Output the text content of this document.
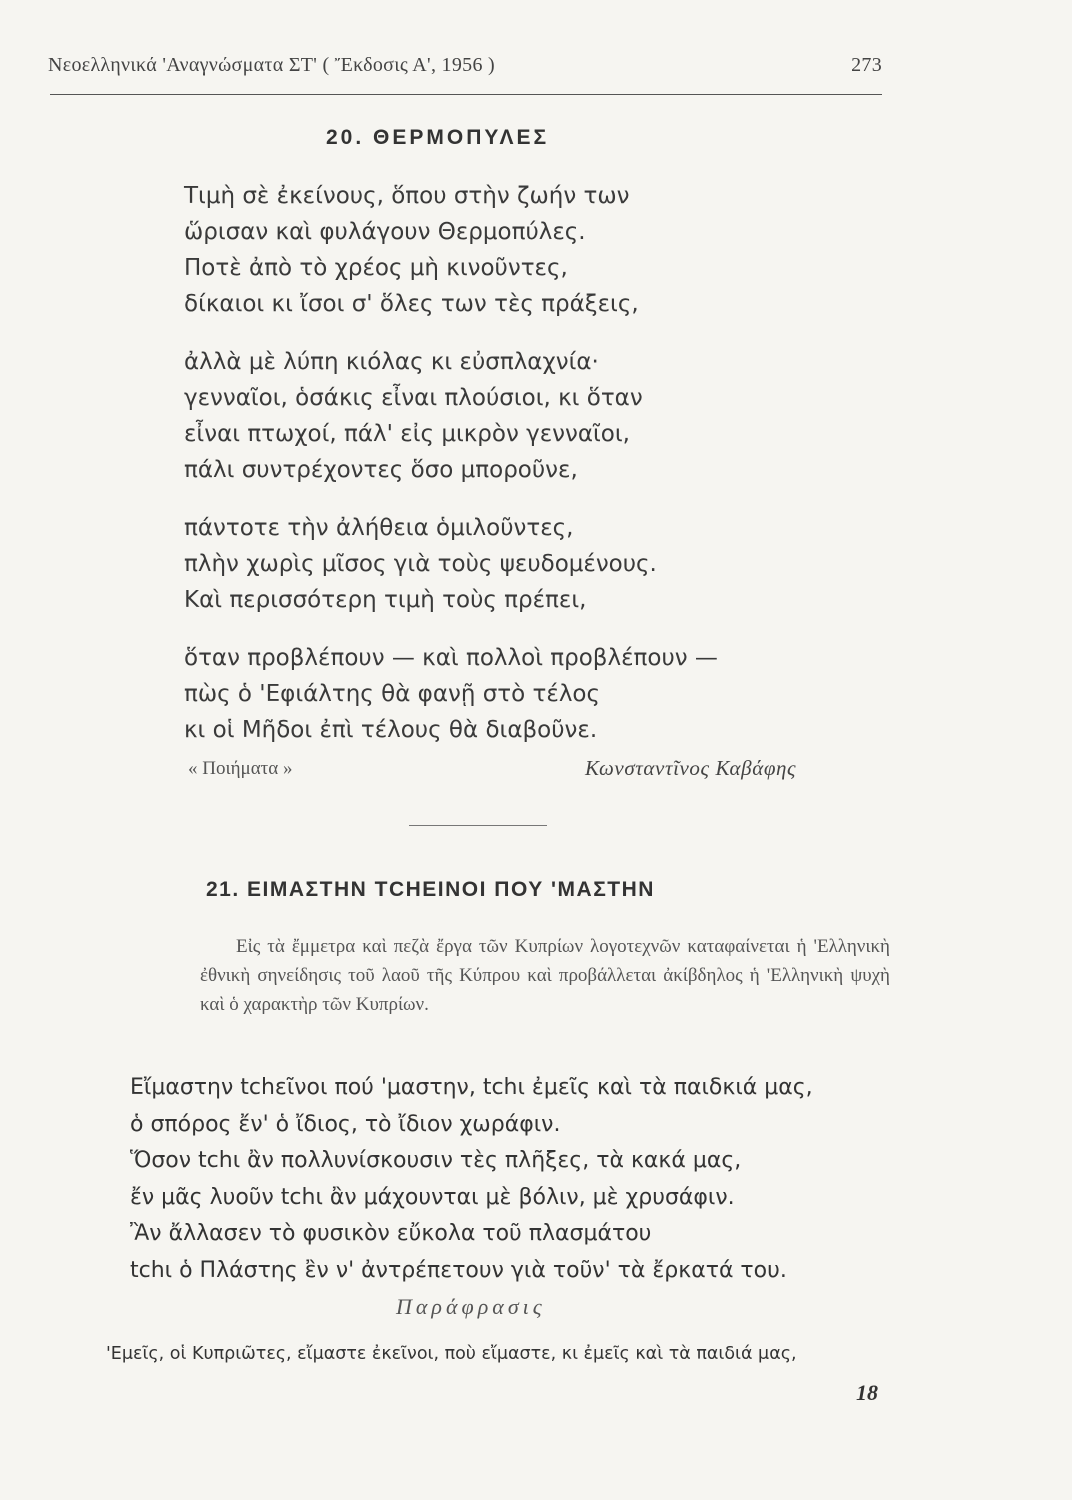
Νεοελληνικά 'Αναγνώσματα ΣΤ' ( Ἔκδοσις Α', 1956 )	273
20. ΘΕΡΜΟΠΥΛΕΣ
Τιμὴ σὲ ἐκείνους, ὅπου στὴν ζωήν των
ὥρισαν καὶ φυλάγουν Θερμοπύλες.
Ποτὲ ἀπὸ τὸ χρέος μὴ κινοῦντες,
δίκαιοι κι ἴσοι σ' ὅλες των τὲς πράξεις,
ἀλλὰ μὲ λύπη κιόλας κι εὐσπλαχνία·
γενναῖοι, ὁσάκις εἶναι πλούσιοι, κι ὅταν
εἶναι πτωχοί, πάλ' εἰς μικρὸν γενναῖοι,
πάλι συντρέχοντες ὅσο μποροῦνε,
πάντοτε τὴν ἀλήθεια ὁμιλοῦντες,
πλὴν χωρὶς μῖσος γιὰ τοὺς ψευδομένους.
Καὶ περισσότερη τιμὴ τοὺς πρέπει,
ὅταν προβλέπουν — καὶ πολλοὶ προβλέπουν —
πὼς ὁ 'Εφιάλτης θὰ φανῇ στὸ τέλος
κι οἱ Μῆδοι ἐπὶ τέλους θὰ διαβοῦνε.
« Ποιήματα »	Κωνσταντῖνος Καβάφης
21. ΕΙΜΑΣΤΗΝ ΤCHΕΙΝΟΙ ΠΟΥ 'ΜΑΣΤΗΝ
Εἰς τὰ ἔμμετρα καὶ πεζὰ ἔργα τῶν Κυπρίων λογοτεχνῶν καταφαίνεται ἡ 'Ελληνικὴ ἐθνικὴ σηνείδησις τοῦ λαοῦ τῆς Κύπρου καὶ προβάλλεται ἀκίβδηλος ἡ 'Ελληνικὴ ψυχὴ καὶ ὁ χαρακτὴρ τῶν Κυπρίων.
Εἴμαστην tchεῖνοι πού 'μαστην, tchι ἐμεῖς καὶ τὰ παιδκιά μας,
ὁ σπόρος ἔν' ὁ ἴδιος, τὸ ἴδιον χωράφιν.
Ὅσον tchι ἂν πολλυνίσκουσιν τὲς πλῆξες, τὰ κακά μας,
ἔν μᾶς λυοῦν tchι ἂν μάχουνται μὲ βόλιν, μὲ χρυσάφιν.
Ἂν ἄλλασεν τὸ φυσικὸν εὔκολα τοῦ πλασμάτου
tchι ὁ Πλάστης ἒν ν' ἀντρέπετουν γιὰ τοῦν' τὰ ἔρκατά του.
Παράφρασις
'Εμεῖς, οἱ Κυπριῶτες, εἴμαστε ἐκεῖνοι, ποὺ εἴμαστε, κι ἐμεῖς καὶ τὰ παιδιά μας,
18
